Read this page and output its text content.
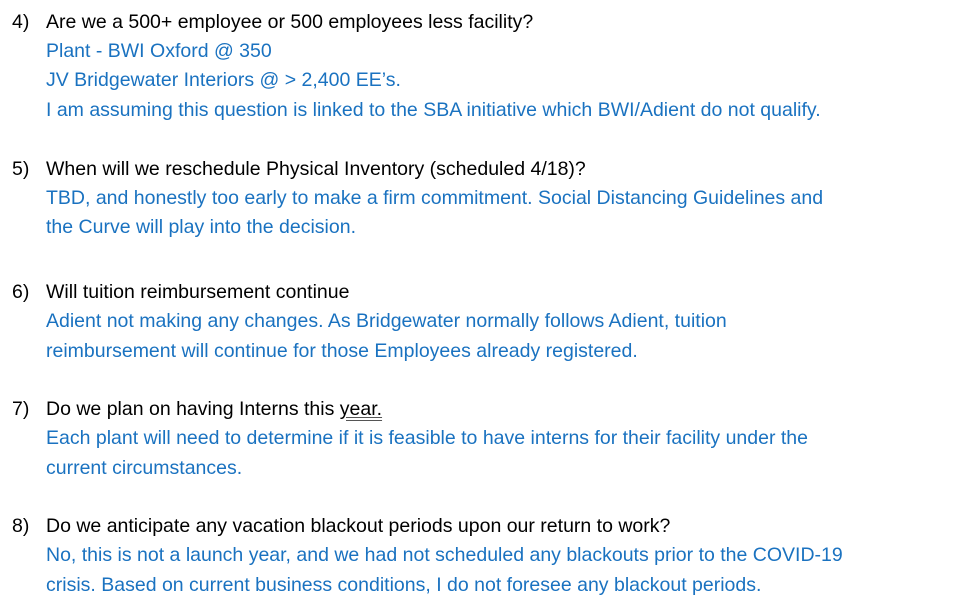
4) Are we a 500+ employee or 500 employees less facility?
Plant - BWI Oxford @ 350
JV Bridgewater Interiors @ > 2,400 EE’s.
I am assuming this question is linked to the SBA initiative which BWI/Adient do not qualify.
5) When will we reschedule Physical Inventory (scheduled 4/18)?
TBD, and honestly too early to make a firm commitment. Social Distancing Guidelines and
the Curve will play into the decision.
6) Will tuition reimbursement continue
Adient not making any changes. As Bridgewater normally follows Adient, tuition
reimbursement will continue for those Employees already registered.
7) Do we plan on having Interns this year.
Each plant will need to determine if it is feasible to have interns for their facility under the
current circumstances.
8) Do we anticipate any vacation blackout periods upon our return to work?
No, this is not a launch year, and we had not scheduled any blackouts prior to the COVID-19
crisis. Based on current business conditions, I do not foresee any blackout periods.
